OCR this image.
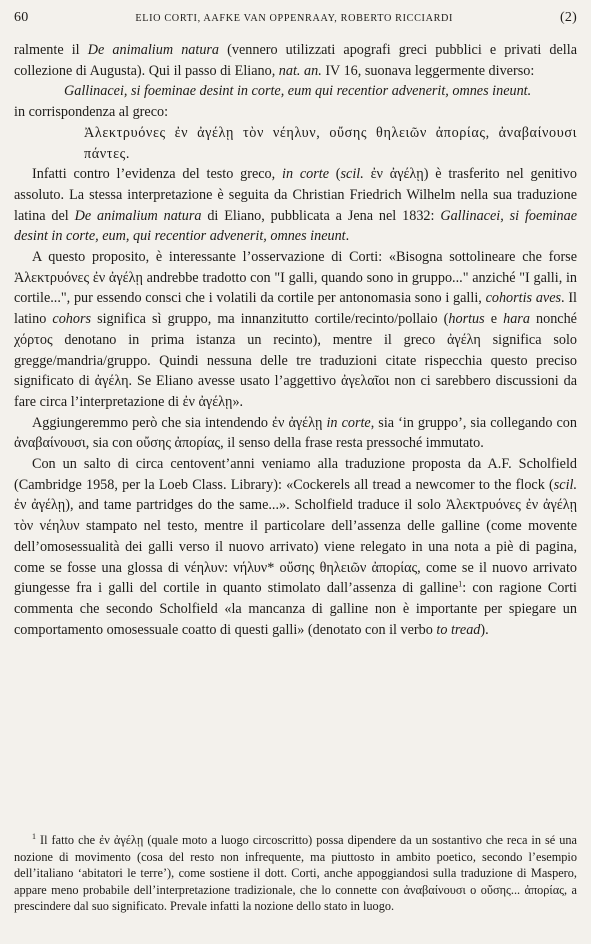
60	ELIO CORTI, AAFKE VAN OPPENRAAY, ROBERTO RICCIARDI	(2)

ralmente il De animalium natura (vennero utilizzati apografi greci pubblici e privati della collezione di Augusta). Qui il passo di Eliano, nat. an. IV 16, suonava leggermente diverso:

Gallinacei, si foeminae desint in corte, eum qui recentior advenerit, omnes ineunt.

in corrispondenza al greco:

Ἀλεκτρυόνες ἐν ἀγέλῃ τὸν νέηλυν, οὔσης θηλειῶν ἀπορίας, ἀναβαίνουσι πάντες.

Infatti contro l’evidenza del testo greco, in corte (scil. ἐν ἀγέλῃ) è trasferito nel genitivo assoluto. La stessa interpretazione è seguita da Christian Friedrich Wilhelm nella sua traduzione latina del De animalium natura di Eliano, pubblicata a Jena nel 1832: Gallinacei, si foeminae desint in corte, eum, qui recentior advenerit, omnes ineunt.

A questo proposito, è interessante l’osservazione di Corti: «Bisogna sottolineare che forse Ἀλεκτρυόνες ἐν ἀγέλῃ andrebbe tradotto con "I galli, quando sono in gruppo..." anziché "I galli, in cortile...", pur essendo consci che i volatili da cortile per antonomasia sono i galli, cohortis aves. Il latino cohors significa sì gruppo, ma innanzitutto cortile/recinto/pollaio (hortus e hara nonché χόρτος denotano in prima istanza un recinto), mentre il greco ἀγέλη significa solo gregge/mandria/gruppo. Quindi nessuna delle tre traduzioni citate rispecchia questo preciso significato di ἀγέλη. Se Eliano avesse usato l’aggettivo ἀγελαῖοι non ci sarebbero discussioni da fare circa l’interpretazione di ἐν ἀγέλῃ».

Aggiungeremmo però che sia intendendo ἐν ἀγέλῃ in corte, sia ‘in gruppo’, sia collegando con ἀναβαίνουσι, sia con οὔσης ἀπορίας, il senso della frase resta pressoché immutato.

Con un salto di circa centovent’anni veniamo alla traduzione proposta da A.F. Scholfield (Cambridge 1958, per la Loeb Class. Library): «Cockerels all tread a newcomer to the flock (scil. ἐν ἀγέλῃ), and tame partridges do the same...». Scholfield traduce il solo Ἀλεκτρυόνες ἐν ἀγέλῃ τὸν νέηλυν stampato nel testo, mentre il particolare dell’assenza delle galline (come movente dell’omosessualità dei galli verso il nuovo arrivato) viene relegato in una nota a piè di pagina, come se fosse una glossa di νέηλυν: νήλυν* οὔσης θηλειῶν ἀπορίας, come se il nuovo arrivato giungesse fra i galli del cortile in quanto stimolato dall’assenza di galline$^1$: con ragione Corti commenta che secondo Scholfield «la mancanza di galline non è importante per spiegare un comportamento omosessuale coatto di questi galli» (denotato con il verbo to tread).

$^1$ Il fatto che ἐν ἀγέλῃ (quale moto a luogo circoscritto) possa dipendere da un sostantivo che reca in sé una nozione di movimento (cosa del resto non infrequente, ma piuttosto in ambito poetico, secondo l’esempio dell’italiano ‘abitatori le terre’), come sostiene il dott. Corti, anche appoggiandosi sulla traduzione di Maspero, appare meno probabile dell’interpretazione tradizionale, che lo connette con ἀναβαίνουσι o οὔσης... ἀπορίας, a prescindere dal suo significato. Prevale infatti la nozione dello stato in luogo.
